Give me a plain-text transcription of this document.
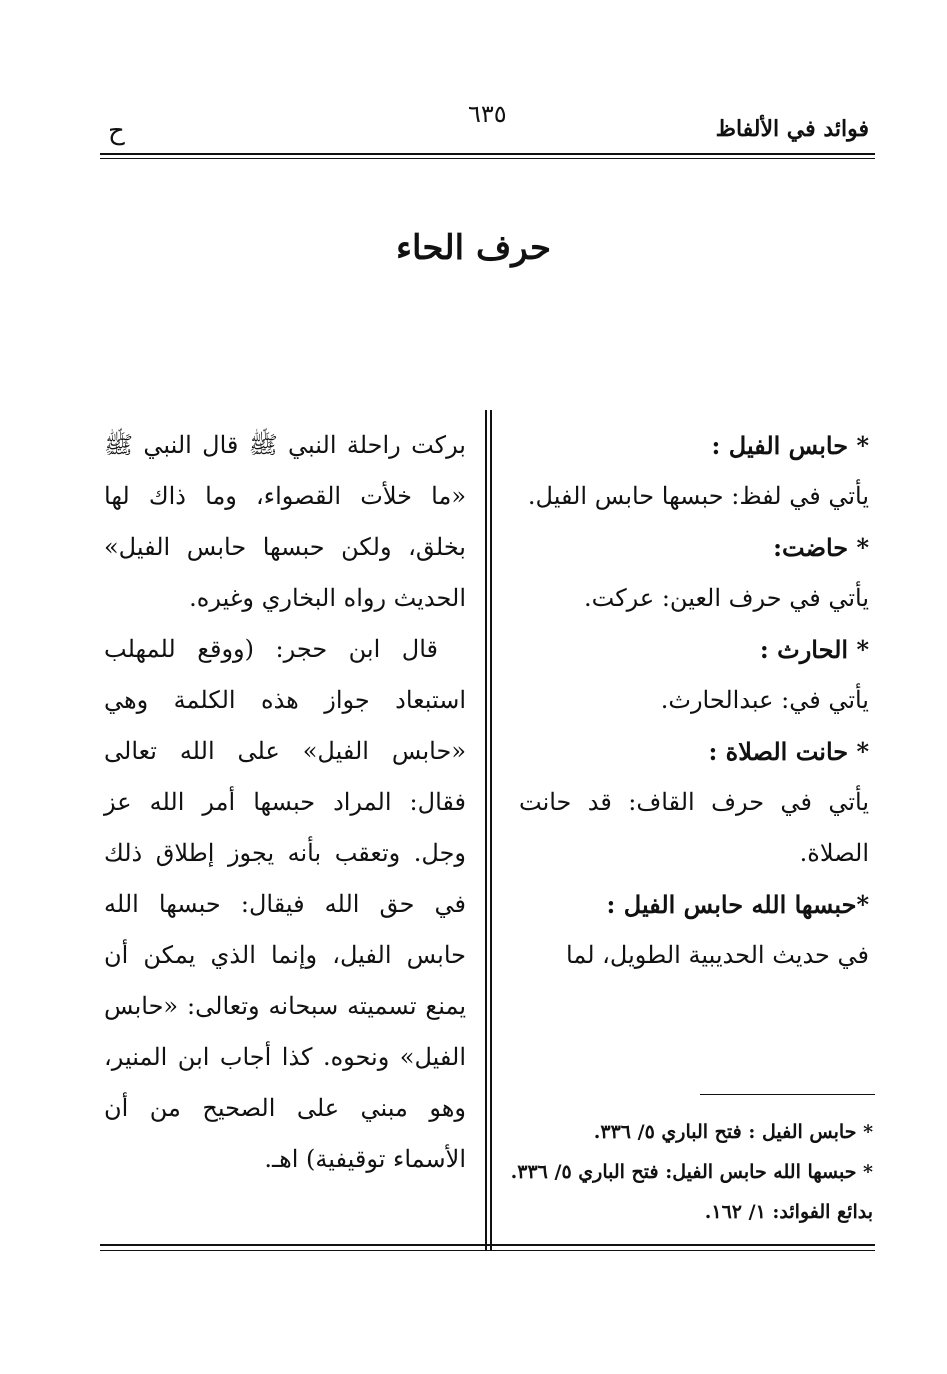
فوائد في الألفاظ
٦٣٥
ح
حرف الحاء

* حابس الفيل :

يأتي في لفظ: حبسها حابس الفيل.

* حاضت:

يأتي في حرف العين: عركت.

* الحارث :

يأتي في: عبدالحارث.

* حانت الصلاة :

يأتي في حرف القاف: قد حانت الصلاة.

*حبسها الله حابس الفيل :

في حديث الحديبية الطويل، لما

بركت راحلة النبي ﷺ قال النبي ﷺ «ما خلأت القصواء، وما ذاك لها بخلق، ولكن حبسها حابس الفيل» الحديث رواه البخاري وغيره.

قال ابن حجر: (ووقع للمهلب استبعاد جواز هذه الكلمة وهي «حابس الفيل» على الله تعالى فقال: المراد حبسها أمر الله عز وجل. وتعقب بأنه يجوز إطلاق ذلك في حق الله فيقال: حبسها الله حابس الفيل، وإنما الذي يمكن أن يمنع تسميته سبحانه وتعالى: «حابس الفيل» ونحوه. كذا أجاب ابن المنير، وهو مبني على الصحيح من أن الأسماء توقيفية) اهـ.

* حابس الفيل : فتح الباري ٥/ ٣٣٦.

* حبسها الله حابس الفيل: فتح الباري ٥/ ٣٣٦. بدائع الفوائد: ١/ ١٦٢.
